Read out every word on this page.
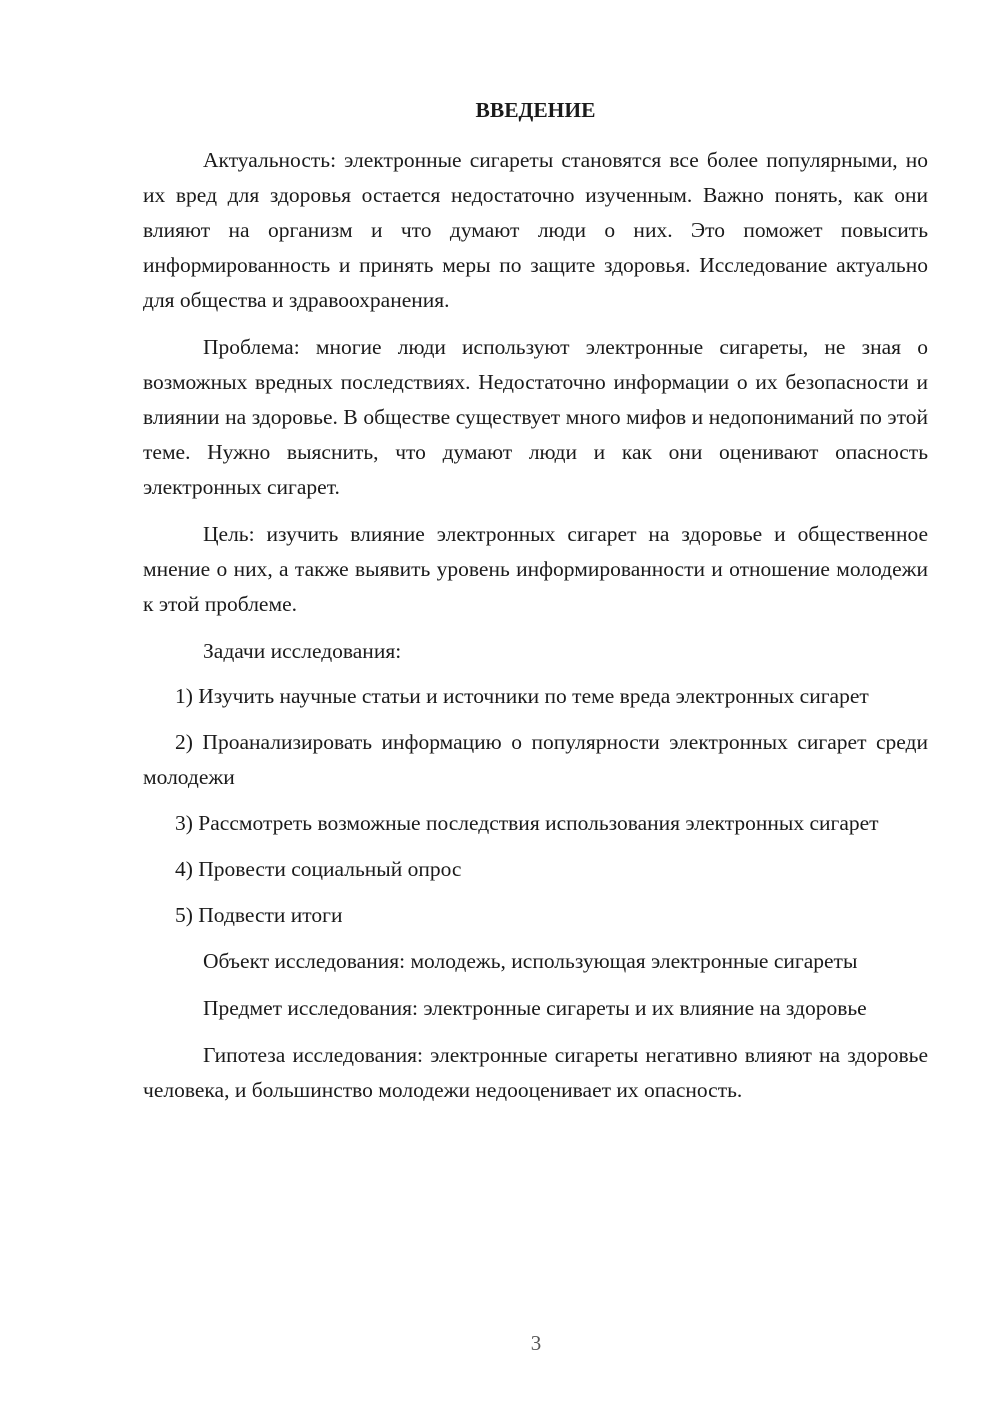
ВВЕДЕНИЕ

Актуальность: электронные сигареты становятся все более популярными, но их вред для здоровья остается недостаточно изученным. Важно понять, как они влияют на организм и что думают люди о них. Это поможет повысить информированность и принять меры по защите здоровья. Исследование актуально для общества и здравоохранения.

Проблема: многие люди используют электронные сигареты, не зная о возможных вредных последствиях. Недостаточно информации о их безопасности и влиянии на здоровье. В обществе существует много мифов и недопониманий по этой теме. Нужно выяснить, что думают люди и как они оценивают опасность электронных сигарет.

Цель: изучить влияние электронных сигарет на здоровье и общественное мнение о них, а также выявить уровень информированности и отношение молодежи к этой проблеме.

Задачи исследования:

1) Изучить научные статьи и источники по теме вреда электронных сигарет
2) Проанализировать информацию о популярности электронных сигарет среди молодежи
3) Рассмотреть возможные последствия использования электронных сигарет
4) Провести социальный опрос
5) Подвести итоги

Объект исследования: молодежь, использующая электронные сигареты

Предмет исследования: электронные сигареты и их влияние на здоровье

Гипотеза исследования: электронные сигареты негативно влияют на здоровье человека, и большинство молодежи недооценивает их опасность.

3
